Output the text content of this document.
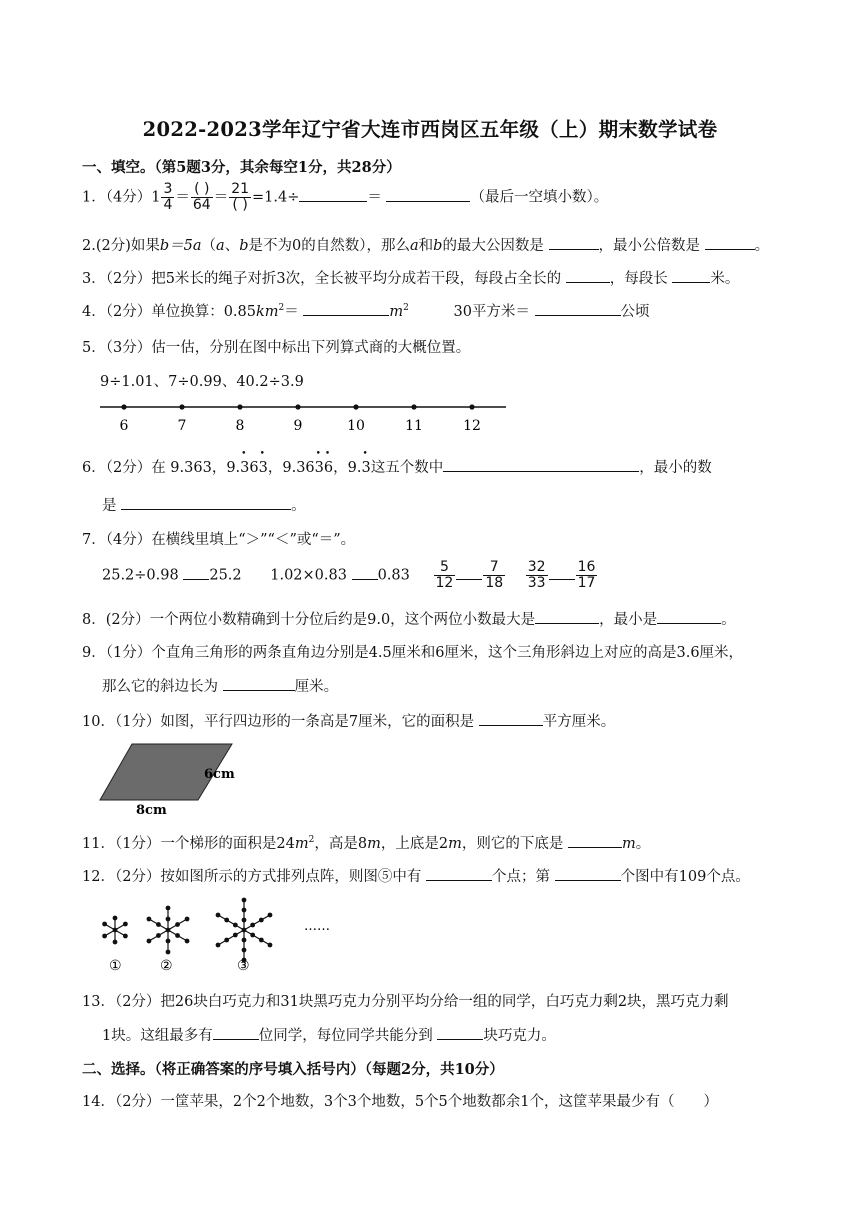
2022-2023学年辽宁省大连市西岗区五年级（上）期末数学试卷
一、填空。（第5题3分，其余每空1分，共28分）
1．（4分）$1 \frac{3}{4} = \frac{( )}{64} = \frac{21}{( )} =1.4\div$	＝	（最后一空填小数）。
2.(2分)如果b＝5a（a、b是不为0的自然数），那么a和b的最大公因数是	，最小公倍数是	。
3．（2分）把5米长的绳子对折3次，全长被平均分成若干段，每段占全长的	，每段长	米。
4．（2分）单位换算：$0.85km^2=$	$m^2$	30平方米＝	公顷
5．（3分）估一估，分别在图中标出下列算式商的大概位置。
9÷1.01、7÷0.99、40.2÷3.9
6	7	8	9	10	11	12
6．（2分）在 9.363，9.• 36• 3，9.36• 3• 6，9.• 3这五个数中	，最小的数
是	。
7．（4分）在横线里填上“＞”“＜”或“＝”。
25.2÷0.98 25.2 1.02×0.83 $0.83 \frac{5}{12} \frac{7}{18}$
$\frac{32}{33} \frac{16}{17}$
8．(2分）一个两位小数精确到十分位后约是9.0，这个两位小数最大是	，最小是	。
9．（1分）个直角三角形的两条直角边分别是4.5厘米和6厘米，这个三角形斜边上对应的高是3.6厘米，
那么它的斜边长为	厘米。
10．（1分）如图，平行四边形的一条高是7厘米，它的面积是	平方厘米。
6cm
8cm
11．（1分）一个梯形的面积是$24m^2$，高是8m，上底是2m，则它的下底是	m。
12．（2分）按如图所示的方式排列点阵，则图⑤中有	个点；第	个图中有109个点。
……
①	②	③
13．（2分）把26块白巧克力和31块黑巧克力分别平均分给一组的同学，白巧克力剩2块，黑巧克力剩
1块。这组最多有	位同学，每位同学共能分到	块巧克力。
二、选择。（将正确答案的序号填入括号内）（每题2分，共10分）
14．（2分）一筐苹果，2个2个地数，3个3个地数，5个5个地数都余1个，这筐苹果最少有（　　）
